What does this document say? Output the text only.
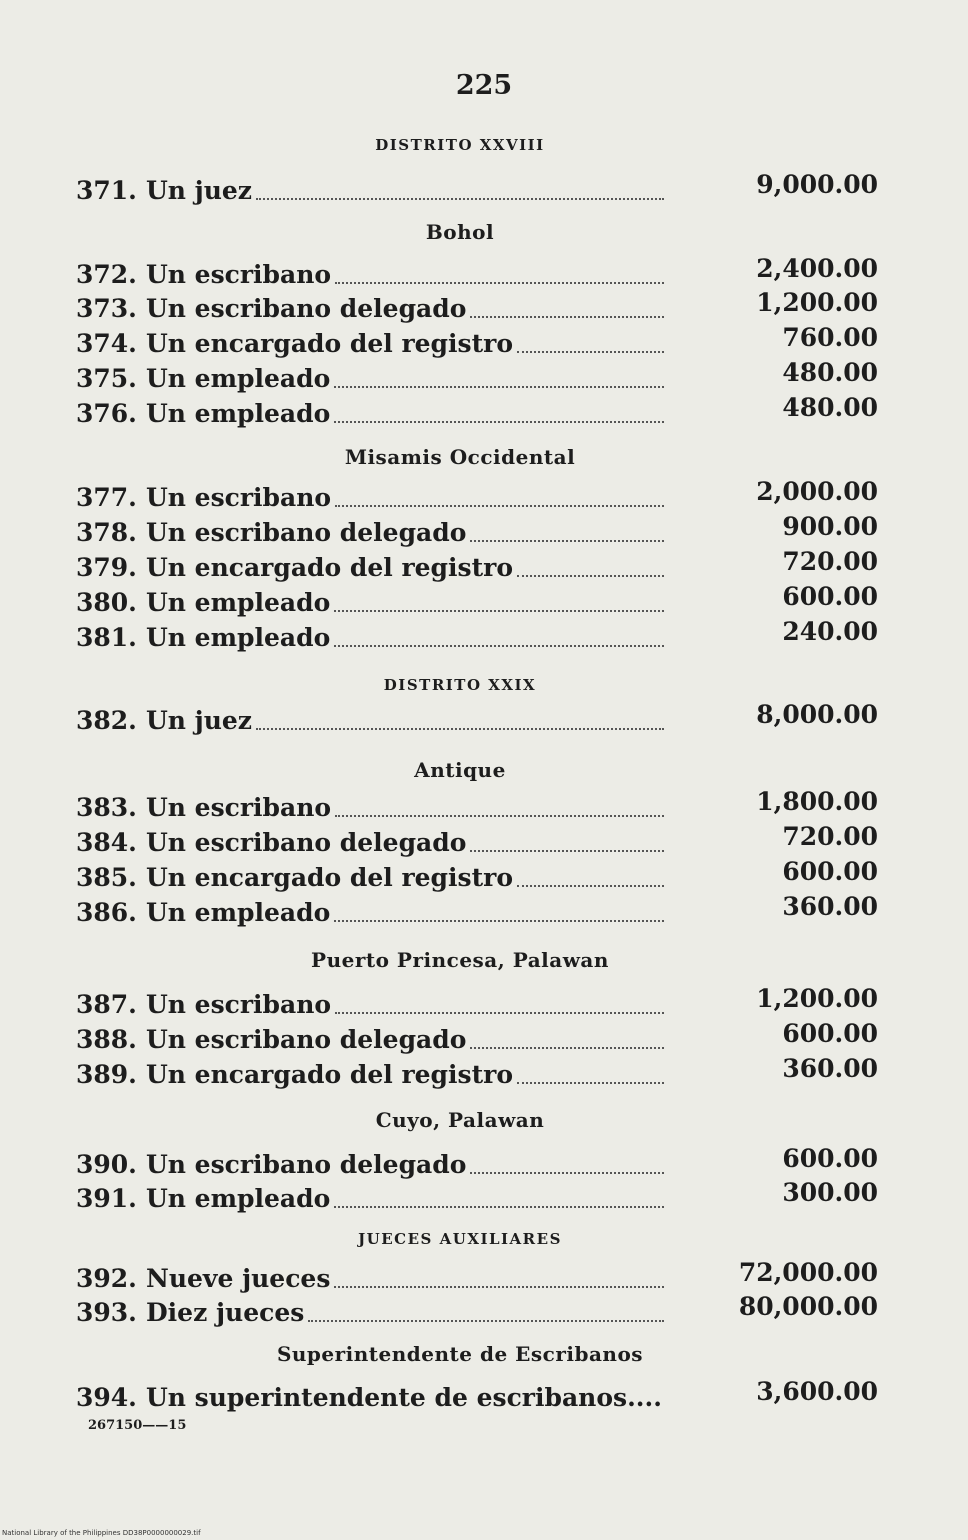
225
DISTRITO XXVIII
371. Un juez	9,000.00
Bohol
372. Un escribano	2,400.00
373. Un escribano delegado	1,200.00
374. Un encargado del registro	760.00
375. Un empleado	480.00
376. Un empleado	480.00
Misamis Occidental
377. Un escribano	2,000.00
378. Un escribano delegado	900.00
379. Un encargado del registro	720.00
380. Un empleado	600.00
381. Un empleado	240.00
DISTRITO XXIX
382. Un juez	8,000.00
Antique
383. Un escribano	1,800.00
384. Un escribano delegado	720.00
385. Un encargado del registro	600.00
386. Un empleado	360.00
Puerto Princesa, Palawan
387. Un escribano	1,200.00
388. Un escribano delegado	600.00
389. Un encargado del registro	360.00
Cuyo, Palawan
390. Un escribano delegado	600.00
391. Un empleado	300.00
JUECES AUXILIARES
392. Nueve jueces	72,000.00
393. Diez jueces	80,000.00
Superintendente de Escribanos
394. Un superintendente de escribanos....	3,600.00
267150——15
National Library of the Philippines DD38P0000000029.tif
